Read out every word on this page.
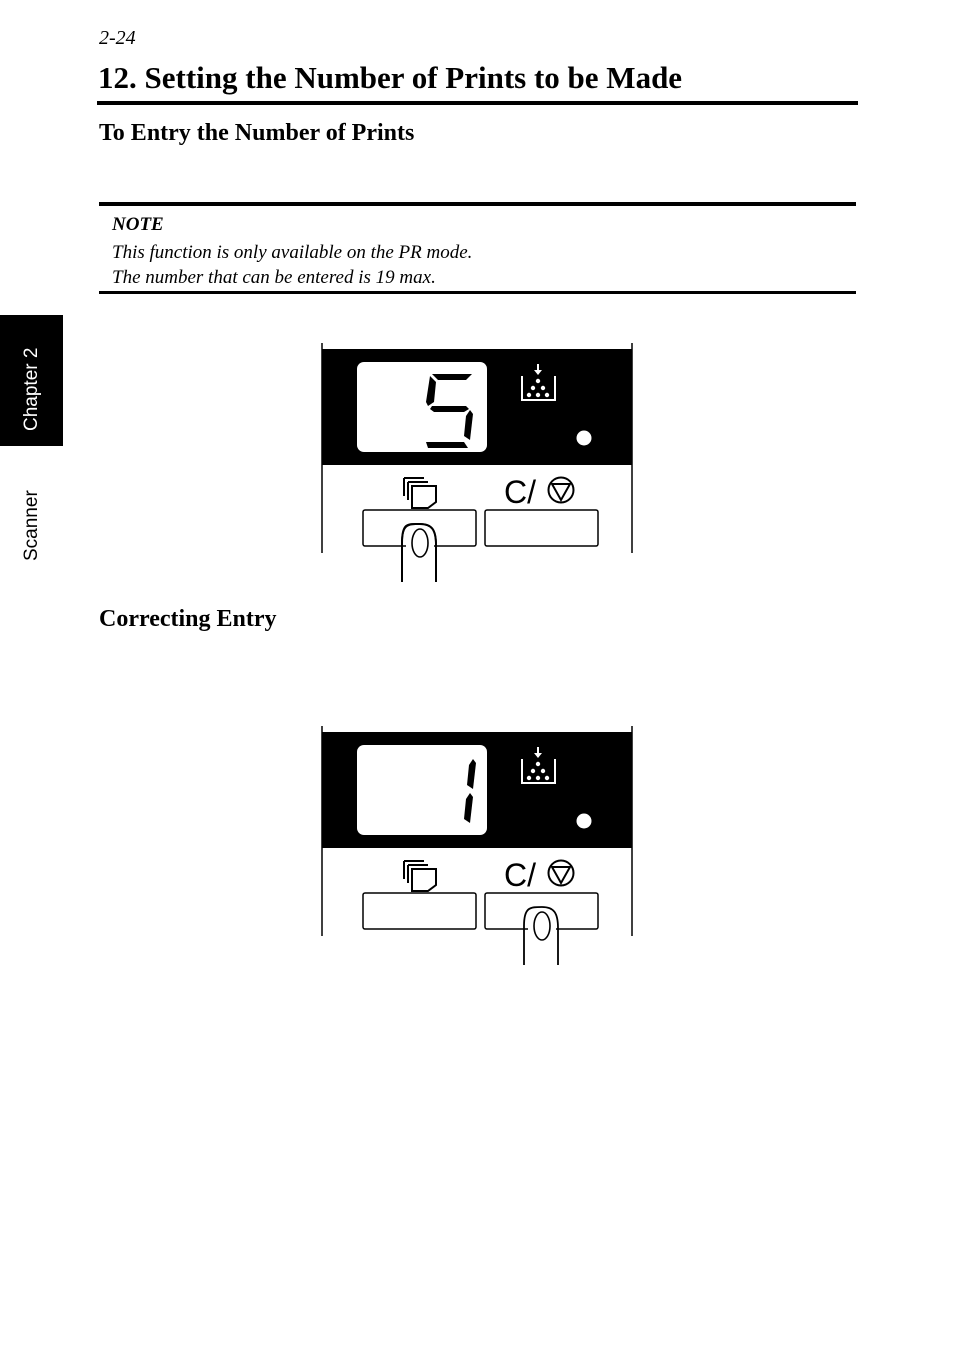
2-24
12. Setting the Number of Prints to be Made
To Entry the Number of Prints
NOTE
This function is only available on the PR mode.
The number that can be entered is 19 max.
Chapter 2
Scanner	C/
Correcting Entry
C/
